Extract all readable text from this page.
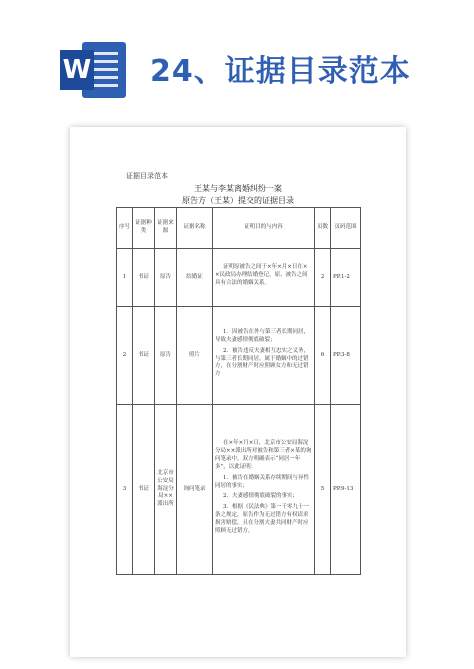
W 24、证据目录范本
证据目录范本
王某与李某离婚纠纷一案
原告方（王某）提交的证据目录
序号	证据种类	证据来源	证据名称	证明目的与内容	页数	页码范围
1	书证	原告	结婚证	证明原被告之间于×年×月×日在××民政局办理结婚登记，原、被告之间具有合法的婚姻关系。	2	PP.1-2
2	书证	原告	照片	1．因被告在外与第三者长期同居，导致夫妻感情彻底破裂；

2．被告违反夫妻相互忠实之义务，与第三者长期同居，属于婚姻中的过错方，在分割财产时应照顾女方和无过错方	6	PP.3-8
3	书证	北京市公安局海淀分局××派出所	询问笔录	在×年×月×日，北京市公安局海淀分局××派出所对被告和第三者×某的询问笔录中，双方明确表示“同居一年多”，以此证明：

1．被告在婚姻关系存续期间与异性同居的事实；

2．夫妻感情彻底破裂的事实；

3．根据《民法典》第一千零九十一条之规定，原告作为无过错方有权请求损害赔偿，且在分割夫妻共同财产时应照顾无过错方。	5	PP.9-13
